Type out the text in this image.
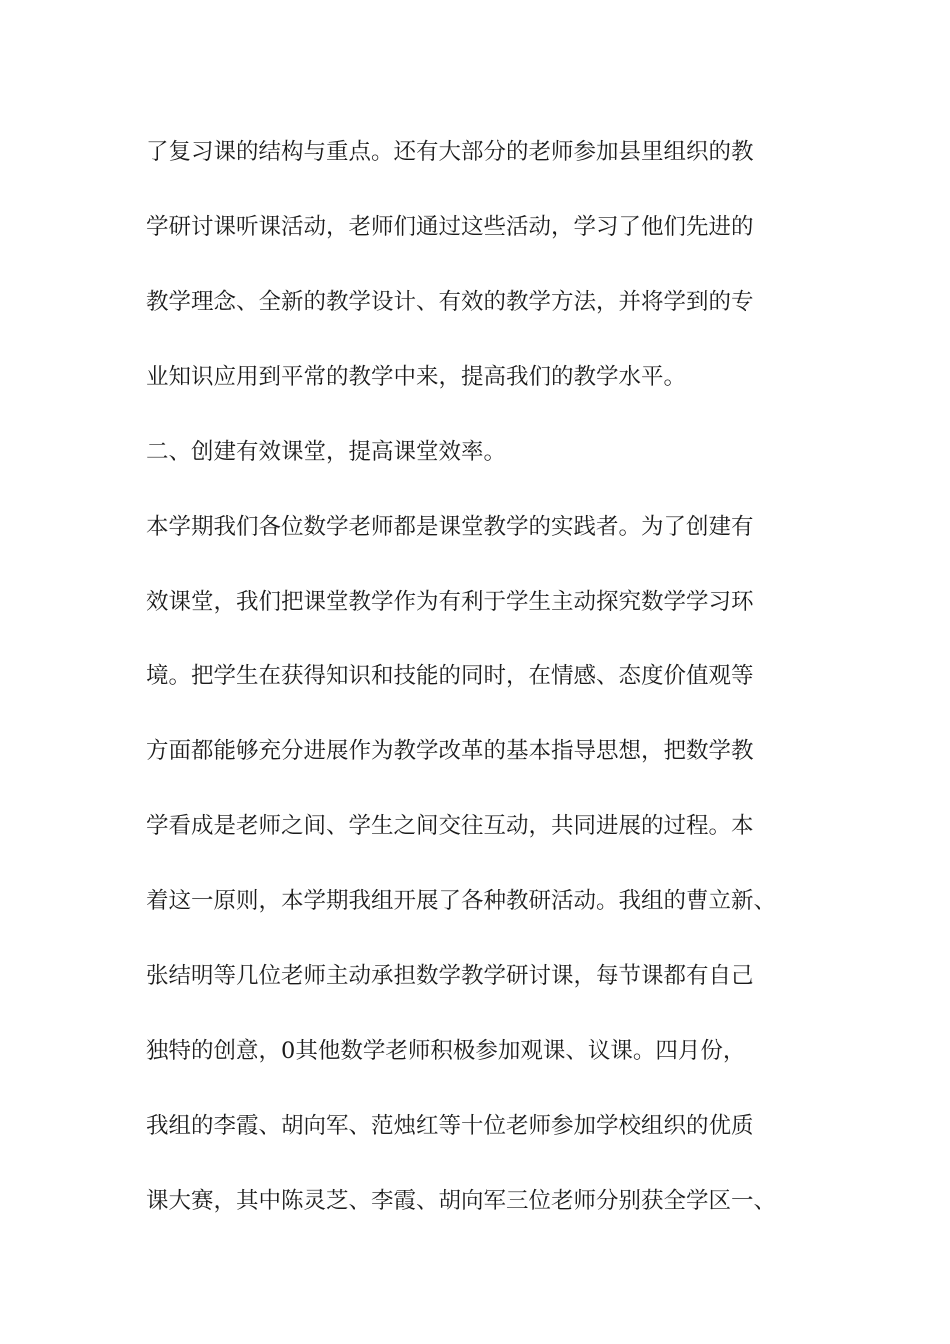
了复习课的结构与重点。还有大部分的老师参加县里组织的教
学研讨课听课活动，老师们通过这些活动，学习了他们先进的
教学理念、全新的教学设计、有效的教学方法，并将学到的专
业知识应用到平常的教学中来，提高我们的教学水平。
二、创建有效课堂，提高课堂效率。
本学期我们各位数学老师都是课堂教学的实践者。为了创建有
效课堂，我们把课堂教学作为有利于学生主动探究数学学习环
境。把学生在获得知识和技能的同时，在情感、态度价值观等
方面都能够充分进展作为教学改革的基本指导思想，把数学教
学看成是老师之间、学生之间交往互动，共同进展的过程。本
着这一原则，本学期我组开展了各种教研活动。我组的曹立新、
张结明等几位老师主动承担数学教学研讨课，每节课都有自己
独特的创意，0其他数学老师积极参加观课、议课。四月份，
我组的李霞、胡向军、范烛红等十位老师参加学校组织的优质
课大赛，其中陈灵芝、李霞、胡向军三位老师分别获全学区一、
